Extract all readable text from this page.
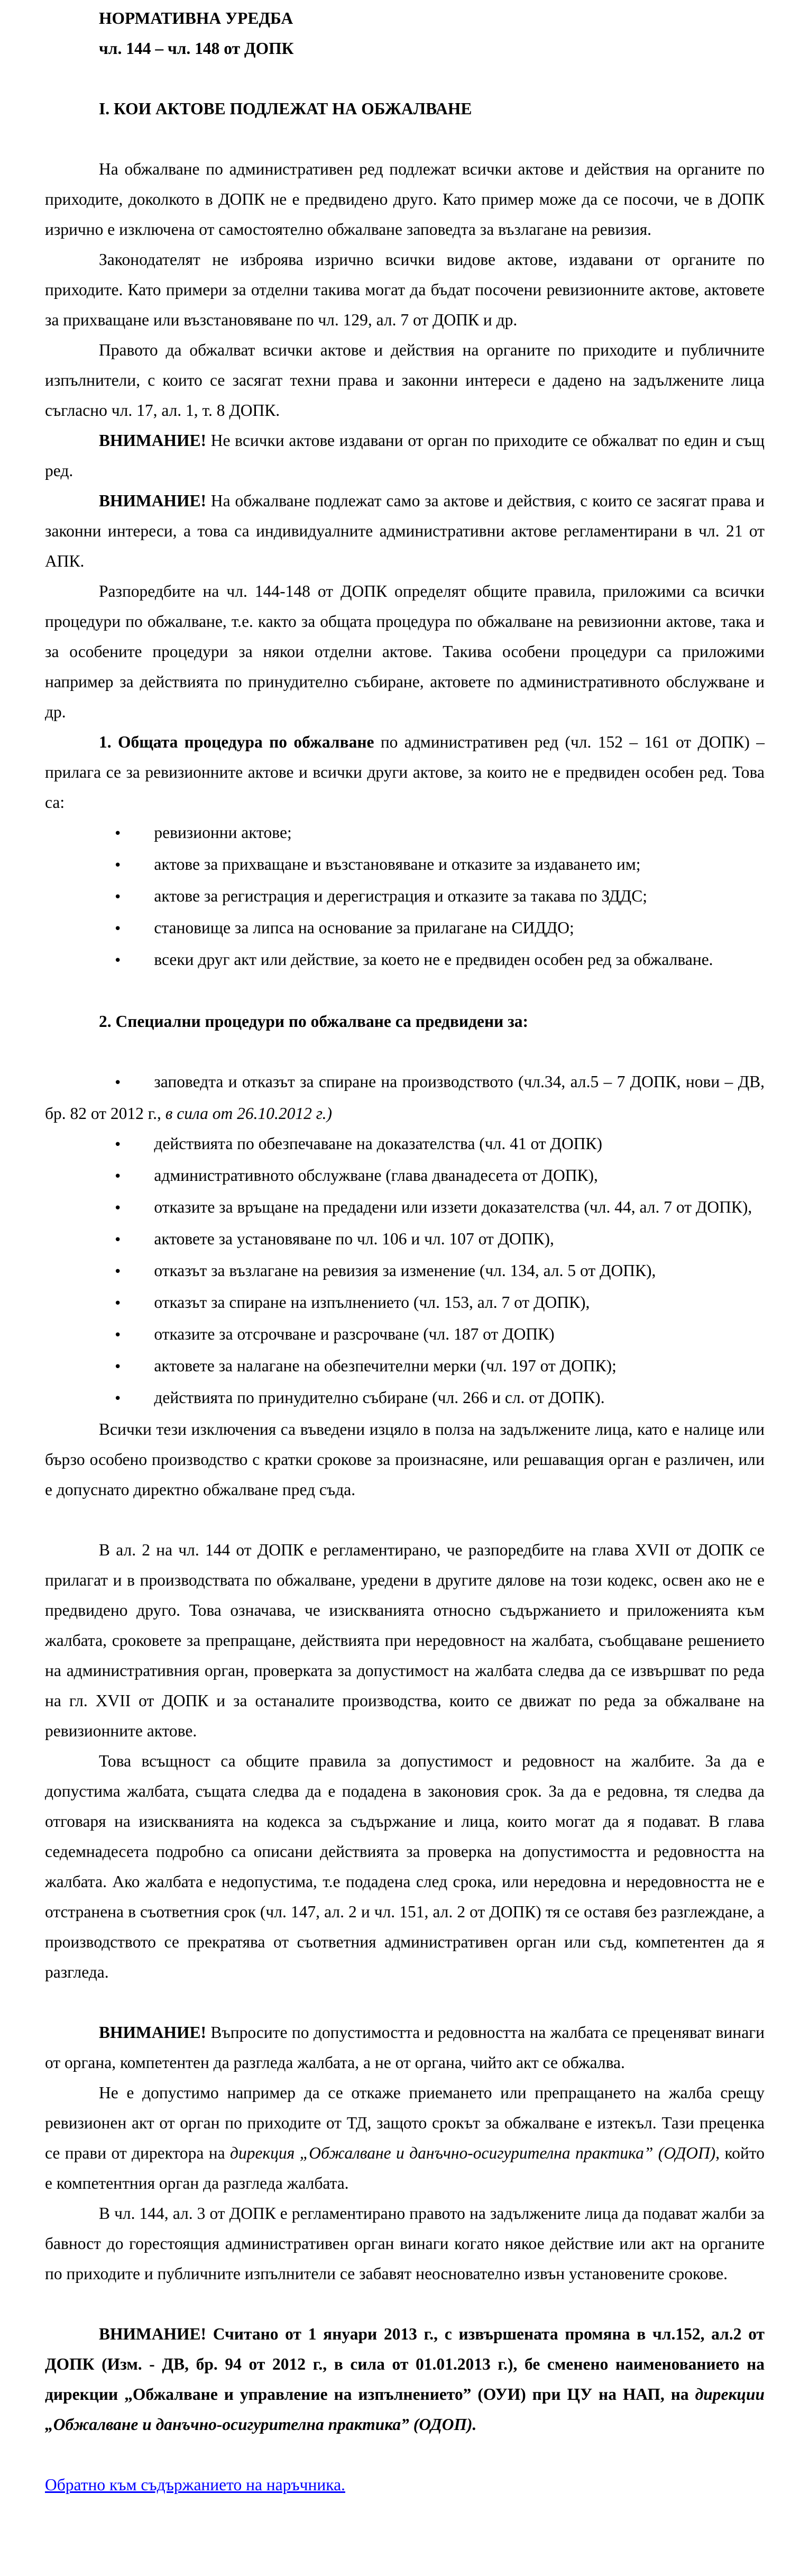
НОРМАТИВНА УРЕДБА

чл. 144 – чл. 148 от ДОПК

I. КОИ АКТОВЕ ПОДЛЕЖАТ НА ОБЖАЛВАНЕ

На обжалване по административен ред подлежат всички актове и действия на органите по приходите, доколкото в ДОПК не е предвидено друго. Като пример може да се посочи, че в ДОПК изрично е изключена от самостоятелно обжалване заповедта за възлагане на ревизия.

Законодателят не изброява изрично всички видове актове, издавани от органите по приходите. Като примери за отделни такива могат да бъдат посочени ревизионните актове, актовете за прихващане или възстановяване по чл. 129, ал. 7 от ДОПК и др.

Правото да обжалват всички актове и действия на органите по приходите и публичните изпълнители, с които се засягат техни права и законни интереси е дадено на задължените лица съгласно чл. 17, ал. 1, т. 8 ДОПК.

ВНИМАНИЕ! Не всички актове издавани от орган по приходите се обжалват по един и същ ред.

ВНИМАНИЕ! На обжалване подлежат само за актове и действия, с които се засягат права и законни интереси, а това са индивидуалните административни актове регламентирани в чл. 21 от АПК.

Разпоредбите на чл. 144-148 от ДОПК определят общите правила, приложими са всички процедури по обжалване, т.е. както за общата процедура по обжалване на ревизионни актове, така и за особените процедури за някои отделни актове. Такива особени процедури са приложими например за действията по принудително събиране, актовете по административното обслужване и др.

1. Общата процедура по обжалване по административен ред (чл. 152 – 161 от ДОПК) – прилага се за ревизионните актове и всички други актове, за които не е предвиден особен ред. Това са:

• ревизионни актове;

• актове за прихващане и възстановяване и отказите за издаването им;

• актове за регистрация и дерегистрация и отказите за такава по ЗДДС;

• становище за липса на основание за прилагане на СИДДО;

• всеки друг акт или действие, за което не е предвиден особен ред за обжалване.

2. Специални процедури по обжалване са предвидени за:

• заповедта и отказът за спиране на производството (чл.34, ал.5 – 7 ДОПК, нови – ДВ, бр. 82 от 2012 г., в сила от 26.10.2012 г.)

• действията по обезпечаване на доказателства (чл. 41 от ДОПК)

• административното обслужване (глава дванадесета от ДОПК),

• отказите за връщане на предадени или иззети доказателства (чл. 44, ал. 7 от ДОПК),

• актовете за установяване по чл. 106 и чл. 107 от ДОПК),

• отказът за възлагане на ревизия за изменение (чл. 134, ал. 5 от ДОПК),

• отказът за спиране на изпълнението (чл. 153, ал. 7 от ДОПК),

• отказите за отсрочване и разсрочване (чл. 187 от ДОПК)

• актовете за налагане на обезпечителни мерки (чл. 197 от ДОПК);

• действията по принудително събиране (чл. 266 и сл. от ДОПК).

Всички тези изключения са въведени изцяло в полза на задължените лица, като е налице или бързо особено производство с кратки срокове за произнасяне, или решаващия орган е различен, или е допуснато директно обжалване пред съда.

В ал. 2 на чл. 144 от ДОПК е регламентирано, че разпоредбите на глава XVII от ДОПК се прилагат и в производствата по обжалване, уредени в другите дялове на този кодекс, освен ако не е предвидено друго. Това означава, че изискванията относно съдържанието и приложенията към жалбата, сроковете за препращане, действията при нередовност на жалбата, съобщаване решението на административния орган, проверката за допустимост на жалбата следва да се извършват по реда на гл. XVII от ДОПК и за останалите производства, които се движат по реда за обжалване на ревизионните актове.

Това всъщност са общите правила за допустимост и редовност на жалбите. За да е допустима жалбата, същата следва да е подадена в законовия срок. За да е редовна, тя следва да отговаря на изискванията на кодекса за съдържание и лица, които могат да я подават. В глава седемнадесета подробно са описани действията за проверка на допустимостта и редовността на жалбата. Ако жалбата е недопустима, т.е подадена след срока, или нередовна и нередовността не е отстранена в съответния срок (чл. 147, ал. 2 и чл. 151, ал. 2 от ДОПК) тя се оставя без разглеждане, а производството се прекратява от съответния административен орган или съд, компетентен да я разгледа.

ВНИМАНИЕ! Въпросите по допустимостта и редовността на жалбата се преценяват винаги от органа, компетентен да разгледа жалбата, а не от органа, чийто акт се обжалва.

Не е допустимо например да се откаже приемането или препращането на жалба срещу ревизионен акт от орган по приходите от ТД, защото срокът за обжалване е изтекъл. Тази преценка се прави от директора на дирекция „Обжалване и данъчно-осигурителна практика” (ОДОП), който е компетентния орган да разгледа жалбата.

В чл. 144, ал. 3 от ДОПК е регламентирано правото на задължените лица да подават жалби за бавност до горестоящия административен орган винаги когато някое действие или акт на органите по приходите и публичните изпълнители се забавят неоснователно извън установените срокове.

ВНИМАНИЕ! Считано от 1 януари 2013 г., с извършената промяна в чл.152, ал.2 от ДОПК (Изм. - ДВ, бр. 94 от 2012 г., в сила от 01.01.2013 г.), бе сменено наименованието на дирекции „Обжалване и управление на изпълнението” (ОУИ) при ЦУ на НАП, на дирекции „Обжалване и данъчно-осигурителна практика” (ОДОП).

Обратно към съдържанието на наръчника.
